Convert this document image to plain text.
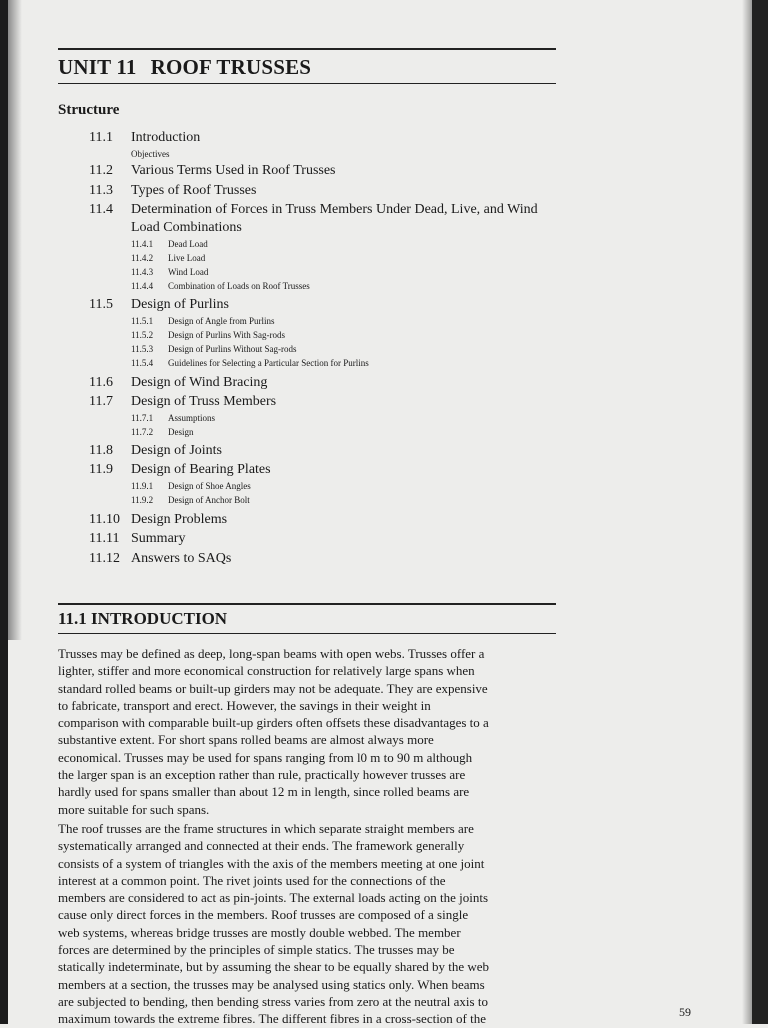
UNIT 11 ROOF TRUSSES
Structure
11.1 Introduction
Objectives
11.2 Various Terms Used in Roof Trusses
11.3 Types of Roof Trusses
11.4 Determination of Forces in Truss Members Under Dead, Live, and Wind
Load Combinations
11.4.1 Dead Load
11.4.2 Live Load
11.4.3 Wind Load
11.4.4 Combination of Loads on Roof Trusses
11.5 Design of Purlins
11.5.1 Design of Angle from Purlins
11.5.2 Design of Purlins With Sag-rods
11.5.3 Design of Purlins Without Sag-rods
11.5.4 Guidelines for Selecting a Particular Section for Purlins
11.6 Design of Wind Bracing
11.7 Design of Truss Members
11.7.1 Assumptions
11.7.2 Design
11.8 Design of Joints
11.9 Design of Bearing Plates
11.9.1 Design of Shoe Angles
11.9.2 Design of Anchor Bolt
11.10 Design Problems
11.11 Summary
11.12 Answers to SAQs
11.1 INTRODUCTION
Trusses may be defined as deep, long-span beams with open webs. Trusses offer a
lighter, stiffer and more economical construction for relatively large spans when
standard rolled beams or built-up girders may not be adequate. They are expensive
to fabricate, transport and erect. However, the savings in their weight in
comparison with comparable built-up girders often offsets these disadvantages to a
substantive extent. For short spans rolled beams are almost always more
economical. Trusses may be used for spans ranging from l0 m to 90 m although
the larger span is an exception rather than rule, practically however trusses are
hardly used for spans smaller than about 12 m in length, since rolled beams are
more suitable for such spans.
The roof trusses are the frame structures in which separate straight members are
systematically arranged and connected at their ends. The framework generally
consists of a system of triangles with the axis of the members meeting at one joint
interest at a common point. The rivet joints used for the connections of the
members are considered to act as pin-joints. The external loads acting on the joints
cause only direct forces in the members. Roof trusses are composed of a single
web systems, whereas bridge trusses are mostly double webbed. The member
forces are determined by the principles of simple statics. The trusses may be
statically indeterminate, but by assuming the shear to be equally shared by the web
members at a section, the trusses may be analysed using statics only. When beams
are subjected to bending, then bending stress varies from zero at the neutral axis to
maximum towards the extreme fibres. The different fibres in a cross-section of the	59
